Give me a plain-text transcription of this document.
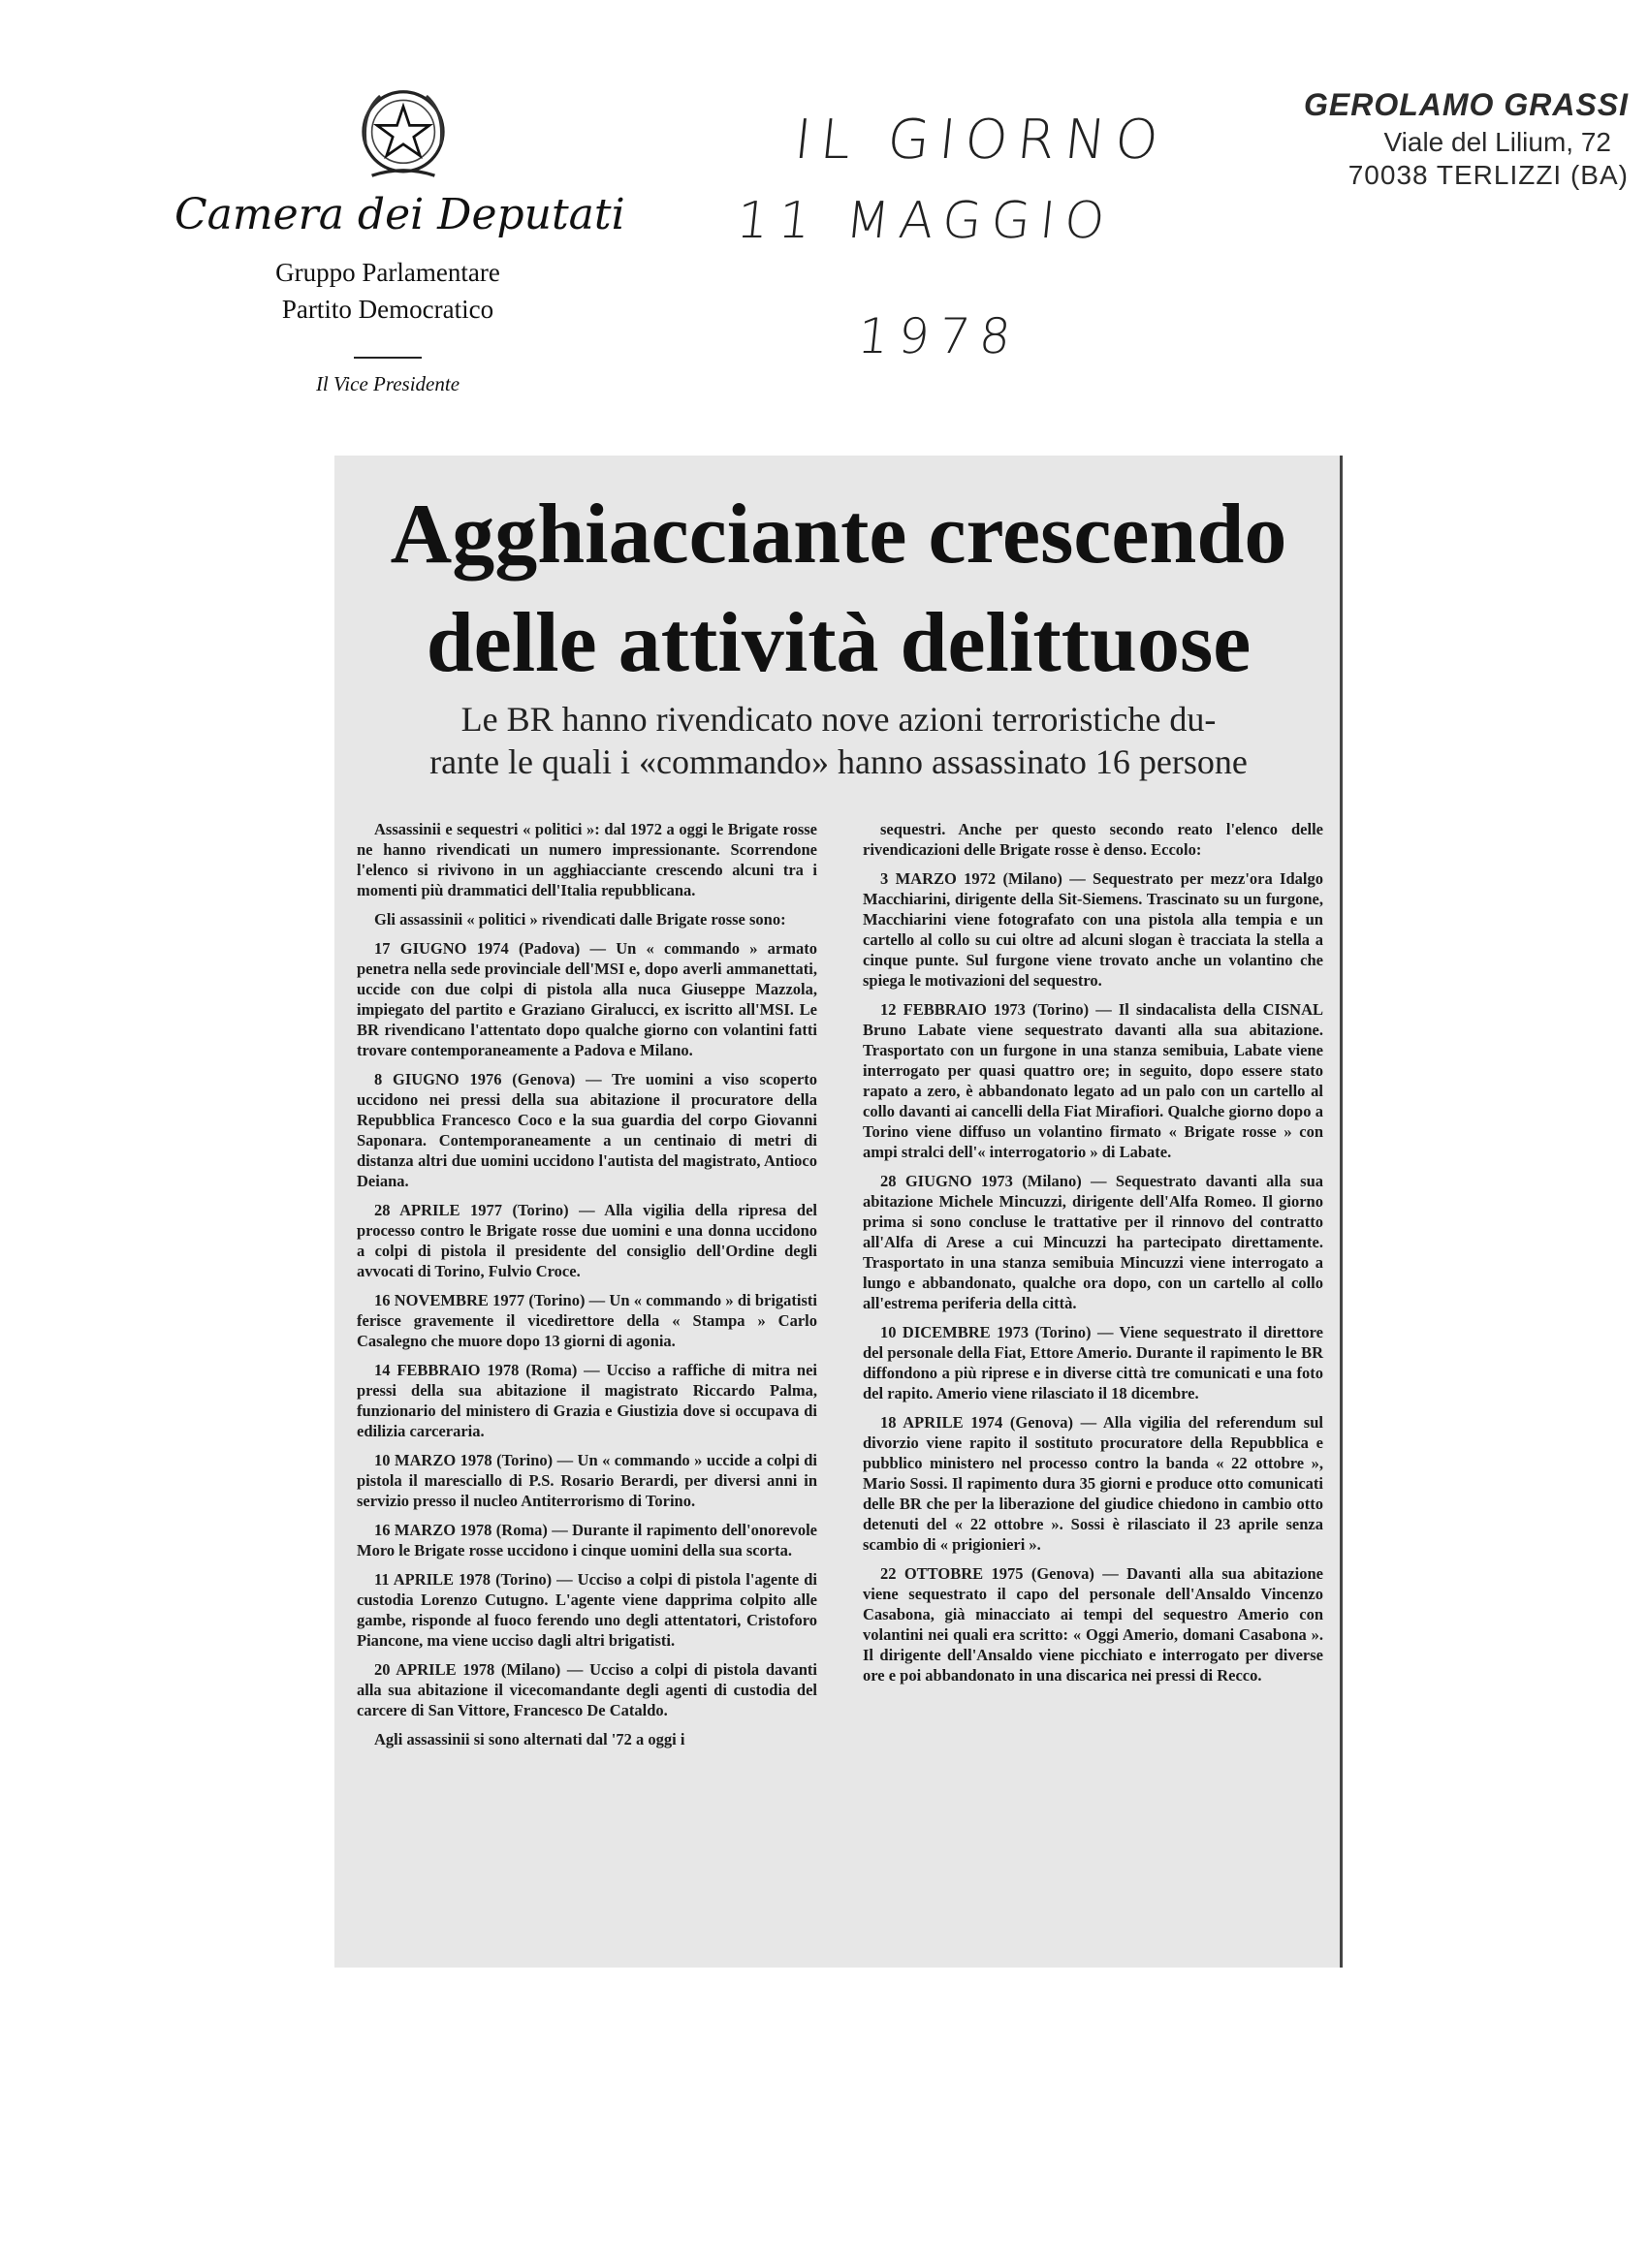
Camera dei Deputati
Gruppo Parlamentare
Partito Democratico
Il Vice Presidente
IL GIORNO
11 MAGGIO
1978
GEROLAMO GRASSI
Viale del Lilium, 72
70038 TERLIZZI (BA)
Agghiacciante crescendo
delle attività delittuose
Le BR hanno rivendicato nove azioni terroristiche du-
rante le quali i «commando» hanno assassinato 16 persone

Assassinii e sequestri « politici »: dal 1972 a oggi le Brigate rosse ne hanno rivendicati un numero impressionante. Scorrendone l'elenco si rivivono in un agghiacciante crescendo alcuni tra i momenti più drammatici dell'Italia repubblicana.

Gli assassinii « politici » rivendicati dalle Brigate rosse sono:

17 GIUGNO 1974 (Padova) — Un « commando » armato penetra nella sede provinciale dell'MSI e, dopo averli ammanettati, uccide con due colpi di pistola alla nuca Giuseppe Mazzola, impiegato del partito e Graziano Giralucci, ex iscritto all'MSI. Le BR rivendicano l'attentato dopo qualche giorno con volantini fatti trovare contemporaneamente a Padova e Milano.

8 GIUGNO 1976 (Genova) — Tre uomini a viso scoperto uccidono nei pressi della sua abitazione il procuratore della Repubblica Francesco Coco e la sua guardia del corpo Giovanni Saponara. Contemporaneamente a un centinaio di metri di distanza altri due uomini uccidono l'autista del magistrato, Antioco Deiana.

28 APRILE 1977 (Torino) — Alla vigilia della ripresa del processo contro le Brigate rosse due uomini e una donna uccidono a colpi di pistola il presidente del consiglio dell'Ordine degli avvocati di Torino, Fulvio Croce.

16 NOVEMBRE 1977 (Torino) — Un « commando » di brigatisti ferisce gravemente il vicedirettore della « Stampa » Carlo Casalegno che muore dopo 13 giorni di agonia.

14 FEBBRAIO 1978 (Roma) — Ucciso a raffiche di mitra nei pressi della sua abitazione il magistrato Riccardo Palma, funzionario del ministero di Grazia e Giustizia dove si occupava di edilizia carceraria.

10 MARZO 1978 (Torino) — Un « commando » uccide a colpi di pistola il maresciallo di P.S. Rosario Berardi, per diversi anni in servizio presso il nucleo Antiterrorismo di Torino.

16 MARZO 1978 (Roma) — Durante il rapimento dell'onorevole Moro le Brigate rosse uccidono i cinque uomini della sua scorta.

11 APRILE 1978 (Torino) — Ucciso a colpi di pistola l'agente di custodia Lorenzo Cutugno. L'agente viene dapprima colpito alle gambe, risponde al fuoco ferendo uno degli attentatori, Cristoforo Piancone, ma viene ucciso dagli altri brigatisti.

20 APRILE 1978 (Milano) — Ucciso a colpi di pistola davanti alla sua abitazione il vicecomandante degli agenti di custodia del carcere di San Vittore, Francesco De Cataldo.

Agli assassinii si sono alternati dal '72 a oggi i

sequestri. Anche per questo secondo reato l'elenco delle rivendicazioni delle Brigate rosse è denso. Eccolo:

3 MARZO 1972 (Milano) — Sequestrato per mezz'ora Idalgo Macchiarini, dirigente della Sit-Siemens. Trascinato su un furgone, Macchiarini viene fotografato con una pistola alla tempia e un cartello al collo su cui oltre ad alcuni slogan è tracciata la stella a cinque punte. Sul furgone viene trovato anche un volantino che spiega le motivazioni del sequestro.

12 FEBBRAIO 1973 (Torino) — Il sindacalista della CISNAL Bruno Labate viene sequestrato davanti alla sua abitazione. Trasportato con un furgone in una stanza semibuia, Labate viene interrogato per quasi quattro ore; in seguito, dopo essere stato rapato a zero, è abbandonato legato ad un palo con un cartello al collo davanti ai cancelli della Fiat Mirafiori. Qualche giorno dopo a Torino viene diffuso un volantino firmato « Brigate rosse » con ampi stralci dell'« interrogatorio » di Labate.

28 GIUGNO 1973 (Milano) — Sequestrato davanti alla sua abitazione Michele Mincuzzi, dirigente dell'Alfa Romeo. Il giorno prima si sono concluse le trattative per il rinnovo del contratto all'Alfa di Arese a cui Mincuzzi ha partecipato direttamente. Trasportato in una stanza semibuia Mincuzzi viene interrogato a lungo e abbandonato, qualche ora dopo, con un cartello al collo all'estrema periferia della città.

10 DICEMBRE 1973 (Torino) — Viene sequestrato il direttore del personale della Fiat, Ettore Amerio. Durante il rapimento le BR diffondono a più riprese e in diverse città tre comunicati e una foto del rapito. Amerio viene rilasciato il 18 dicembre.

18 APRILE 1974 (Genova) — Alla vigilia del referendum sul divorzio viene rapito il sostituto procuratore della Repubblica e pubblico ministero nel processo contro la banda « 22 ottobre », Mario Sossi. Il rapimento dura 35 giorni e produce otto comunicati delle BR che per la liberazione del giudice chiedono in cambio otto detenuti del « 22 ottobre ». Sossi è rilasciato il 23 aprile senza scambio di « prigionieri ».

22 OTTOBRE 1975 (Genova) — Davanti alla sua abitazione viene sequestrato il capo del personale dell'Ansaldo Vincenzo Casabona, già minacciato ai tempi del sequestro Amerio con volantini nei quali era scritto: « Oggi Amerio, domani Casabona ». Il dirigente dell'Ansaldo viene picchiato e interrogato per diverse ore e poi abbandonato in una discarica nei pressi di Recco.
